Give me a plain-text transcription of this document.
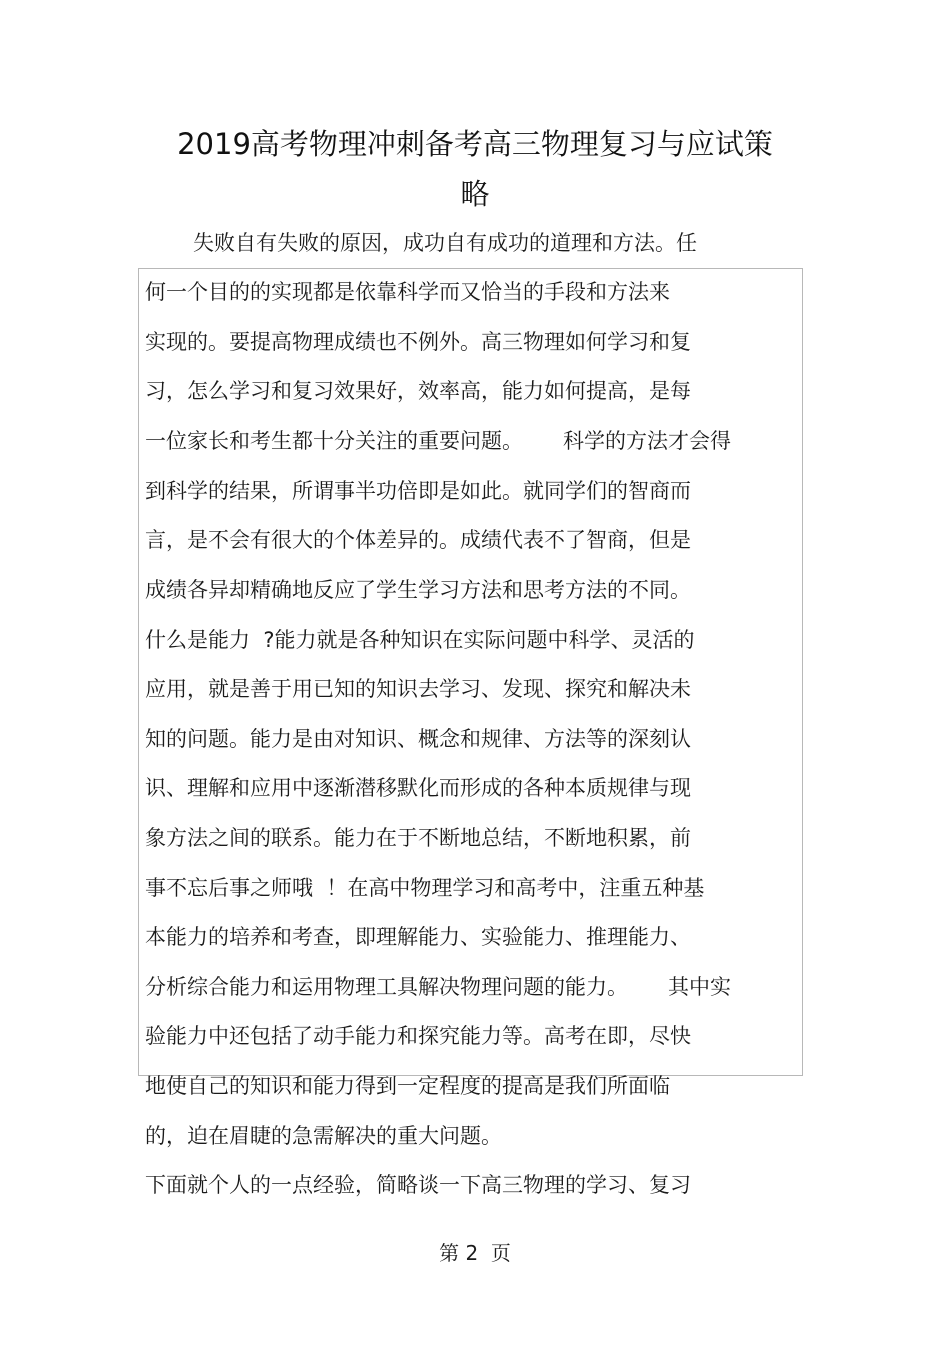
2019高考物理冲刺备考高三物理复习与应试策
略
失败自有失败的原因，成功自有成功的道理和方法。任
何一个目的的实现都是依靠科学而又恰当的手段和方法来
实现的。要提高物理成绩也不例外。高三物理如何学习和复
习，怎么学习和复习效果好，效率高，能力如何提高，是每
一位家长和考生都十分关注的重要问题。      科学的方法才会得
到科学的结果，所谓事半功倍即是如此。就同学们的智商而
言，是不会有很大的个体差异的。成绩代表不了智商，但是
成绩各异却精确地反应了学生学习方法和思考方法的不同。
什么是能力  ?能力就是各种知识在实际问题中科学、灵活的
应用，就是善于用已知的知识去学习、发现、探究和解决未
知的问题。能力是由对知识、概念和规律、方法等的深刻认
识、理解和应用中逐渐潜移默化而形成的各种本质规律与现
象方法之间的联系。能力在于不断地总结，不断地积累，前
事不忘后事之师哦  ！在高中物理学习和高考中，注重五种基
本能力的培养和考查，即理解能力、实验能力、推理能力、
分析综合能力和运用物理工具解决物理问题的能力。      其中实
验能力中还包括了动手能力和探究能力等。高考在即，尽快
地使自己的知识和能力得到一定程度的提高是我们所面临
的，迫在眉睫的急需解决的重大问题。
下面就个人的一点经验，简略谈一下高三物理的学习、复习
第 2  页
